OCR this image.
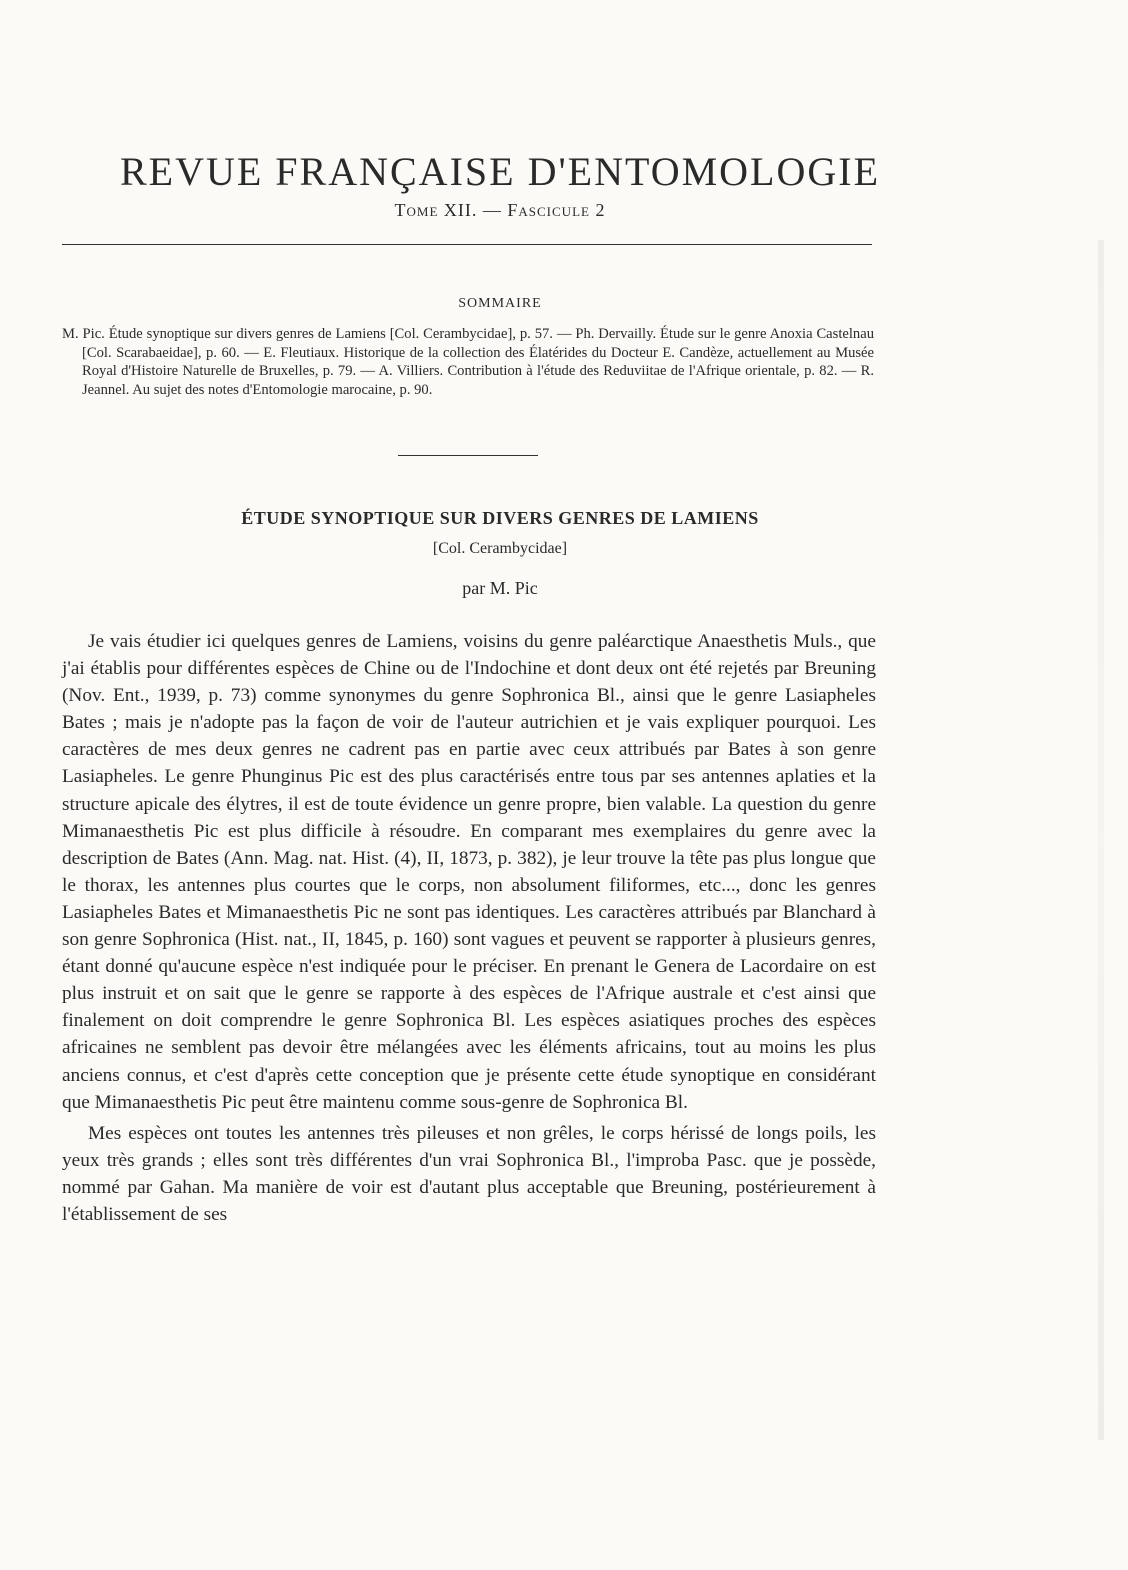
REVUE FRANÇAISE D'ENTOMOLOGIE
Tome XII. — Fascicule 2
SOMMAIRE
M. Pic. Étude synoptique sur divers genres de Lamiens [Col. Cerambycidae], p. 57. — Ph. Dervailly. Étude sur le genre Anoxia Castelnau [Col. Scarabaeidae], p. 60. — E. Fleutiaux. Historique de la collection des Élatérides du Docteur E. Candèze, actuellement au Musée Royal d'Histoire Naturelle de Bruxelles, p. 79. — A. Villiers. Contribution à l'étude des Reduviitae de l'Afrique orientale, p. 82. — R. Jeannel. Au sujet des notes d'Entomologie marocaine, p. 90.
ÉTUDE SYNOPTIQUE SUR DIVERS GENRES DE LAMIENS
[Col. Cerambycidae]
par M. Pic

Je vais étudier ici quelques genres de Lamiens, voisins du genre paléarctique Anaesthetis Muls., que j'ai établis pour différentes espèces de Chine ou de l'Indochine et dont deux ont été rejetés par Breuning (Nov. Ent., 1939, p. 73) comme synonymes du genre Sophronica Bl., ainsi que le genre Lasiapheles Bates ; mais je n'adopte pas la façon de voir de l'auteur autrichien et je vais expliquer pourquoi. Les caractères de mes deux genres ne cadrent pas en partie avec ceux attribués par Bates à son genre Lasiapheles. Le genre Phunginus Pic est des plus caractérisés entre tous par ses antennes aplaties et la structure apicale des élytres, il est de toute évidence un genre propre, bien valable. La question du genre Mimanaesthetis Pic est plus difficile à résoudre. En comparant mes exemplaires du genre avec la description de Bates (Ann. Mag. nat. Hist. (4), II, 1873, p. 382), je leur trouve la tête pas plus longue que le thorax, les antennes plus courtes que le corps, non absolument filiformes, etc..., donc les genres Lasiapheles Bates et Mimanaesthetis Pic ne sont pas identiques. Les caractères attribués par Blanchard à son genre Sophronica (Hist. nat., II, 1845, p. 160) sont vagues et peuvent se rapporter à plusieurs genres, étant donné qu'aucune espèce n'est indiquée pour le préciser. En prenant le Genera de Lacordaire on est plus instruit et on sait que le genre se rapporte à des espèces de l'Afrique australe et c'est ainsi que finalement on doit comprendre le genre Sophronica Bl. Les espèces asiatiques proches des espèces africaines ne semblent pas devoir être mélangées avec les éléments africains, tout au moins les plus anciens connus, et c'est d'après cette conception que je présente cette étude synoptique en considérant que Mimanaesthetis Pic peut être maintenu comme sous-genre de Sophronica Bl.

Mes espèces ont toutes les antennes très pileuses et non grêles, le corps hérissé de longs poils, les yeux très grands ; elles sont très différentes d'un vrai Sophronica Bl., l'improba Pasc. que je possède, nommé par Gahan. Ma manière de voir est d'autant plus acceptable que Breuning, postérieurement à l'établissement de ses
